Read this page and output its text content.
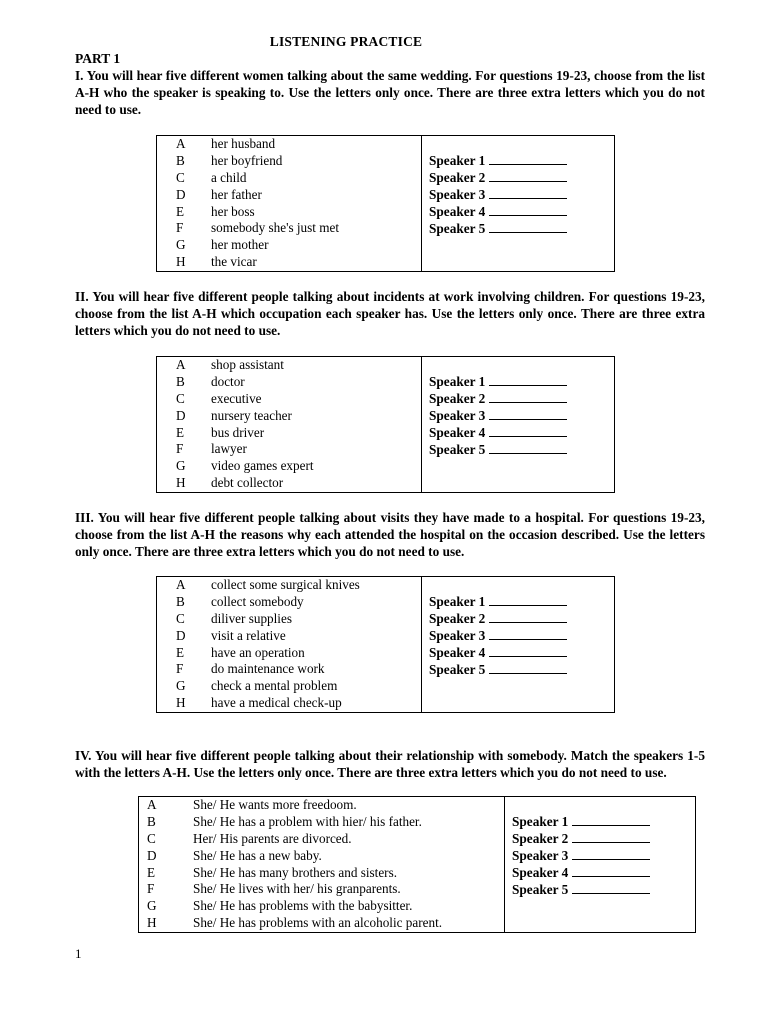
LISTENING PRACTICE
PART 1

I. You will hear five different women talking about the same wedding. For questions 19-23, choose from the list A-H who the speaker is speaking to. Use the letters only once. There are three extra letters which you do not need to use.

A	her husband
B	her boyfriend
C	a child
D	her father
E	her boss
F	somebody she's just met
G	her mother
H	the vicar
Speaker 1
Speaker 2
Speaker 3
Speaker 4
Speaker 5

II. You will hear five different people talking about incidents at work involving children. For questions 19-23, choose from the list A-H which occupation each speaker has. Use the letters only once. There are three extra letters which you do not need to use.

A	shop assistant
B	doctor
C	executive
D	nursery teacher
E	bus driver
F	lawyer
G	video games expert
H	debt collector
Speaker 1
Speaker 2
Speaker 3
Speaker 4
Speaker 5

III. You will hear five different people talking about visits they have made to a hospital. For questions 19-23, choose from the list A-H the reasons why each attended the hospital on the occasion described. Use the letters only once. There are three extra letters which you do not need to use.

A	collect some surgical knives
B	collect somebody
C	diliver supplies
D	visit a relative
E	have an operation
F	do maintenance work
G	check a mental problem
H	have a medical check-up
Speaker 1
Speaker 2
Speaker 3
Speaker 4
Speaker 5

IV. You will hear five different people talking about their relationship with somebody. Match the speakers 1-5 with the letters A-H. Use the letters only once. There are three extra letters which you do not need to use.

A	She/ He wants more freedoom.
B	She/ He has a problem with hier/ his father.
C	Her/ His parents are divorced.
D	She/ He has a new baby.
E	She/ He has many brothers and sisters.
F	She/ He lives with her/ his granparents.
G	She/ He has problems with the babysitter.
H	She/ He has problems with an alcoholic parent.
Speaker 1
Speaker 2
Speaker 3
Speaker 4
Speaker 5
1
